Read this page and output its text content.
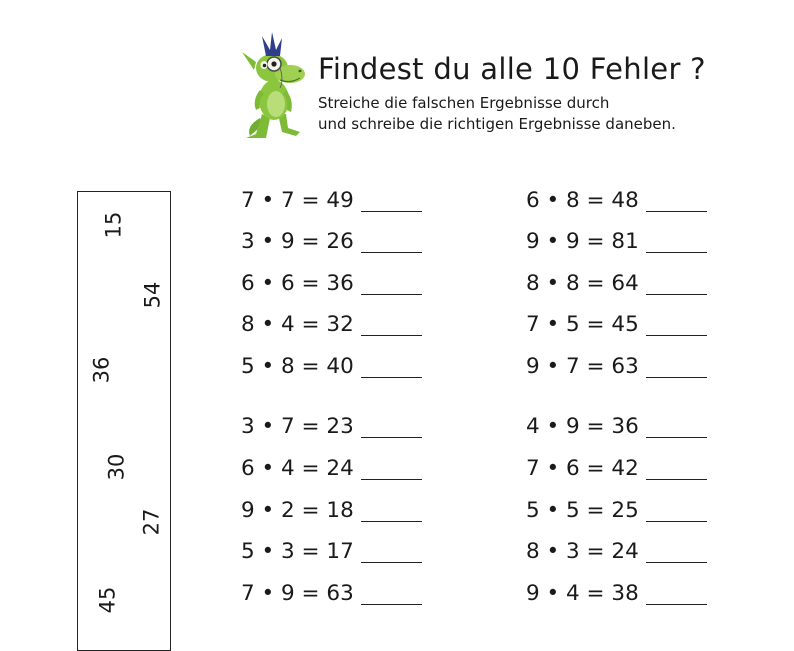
Findest du alle 10 Fehler ?

Streiche die falschen Ergebnisse durch
und schreibe die richtigen Ergebnisse daneben.

15
54
36
30
27
45
7 • 7 = 49
3 • 9 = 26
6 • 6 = 36
8 • 4 = 32
5 • 8 = 40
3 • 7 = 23
6 • 4 = 24
9 • 2 = 18
5 • 3 = 17
7 • 9 = 63
6 • 8 = 48
9 • 9 = 81
8 • 8 = 64
7 • 5 = 45
9 • 7 = 63
4 • 9 = 36
7 • 6 = 42
5 • 5 = 25
8 • 3 = 24
9 • 4 = 38
